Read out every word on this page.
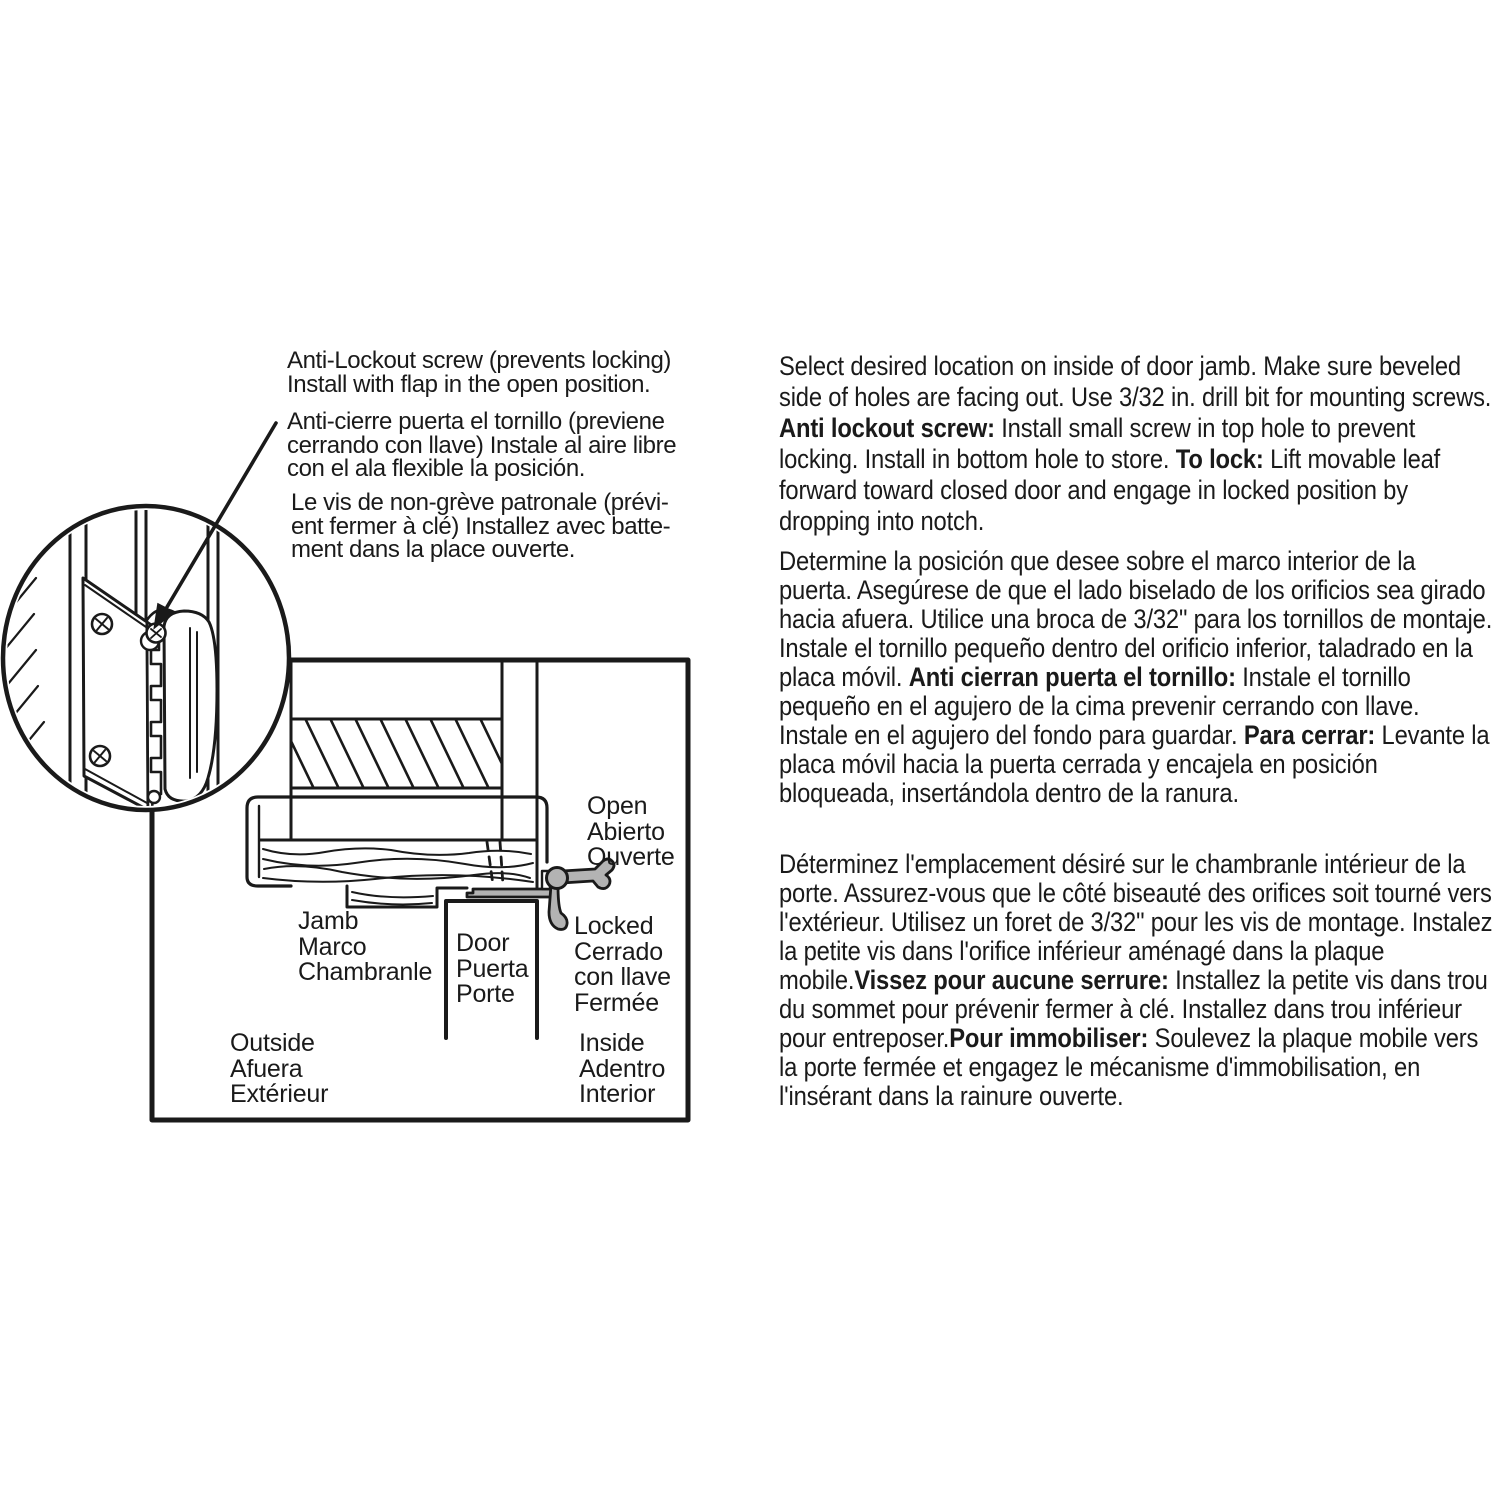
Anti-Lockout screw (prevents locking)
Install with flap in the open position.
Anti-cierre puerta el tornillo (previene
cerrando con llave) Instale al aire libre
con el ala flexible la posición.
Le vis de non-grève patronale (prévi-
ent fermer à clé) Installez avec batte-
ment dans la place ouverte.
Open
Abierto
Ouverte
Locked
Cerrado
con llave
Fermée
Jamb
Marco
Chambranle
Door
Puerta
Porte
Outside
Afuera
Extérieur
Inside
Adentro
Interior

Select desired location on inside of door jamb. Make sure beveled side of holes are facing out. Use 3/32 in. drill bit for mounting screws. Anti lockout screw: Install small screw in top hole to prevent locking. Install in bottom hole to store. To lock: Lift movable leaf forward toward closed door and engage in locked position by dropping into notch.

Determine la posición que desee sobre el marco interior de la puerta. Asegúrese de que el lado biselado de los orificios sea girado hacia afuera. Utilice una broca de 3/32" para los tornillos de montaje. Instale el tornillo pequeño dentro del orificio inferior, taladrado en la placa móvil. Anti cierran puerta el tornillo: Instale el tornillo pequeño en el agujero de la cima prevenir cerrando con llave. Instale en el agujero del fondo para guardar. Para cerrar: Levante la placa móvil hacia la puerta cerrada y encajela en posición bloqueada, insertándola dentro de la ranura.

Déterminez l'emplacement désiré sur le chambranle intérieur de la porte. Assurez-vous que le côté biseauté des orifices soit tourné vers l'extérieur. Utilisez un foret de 3/32" pour les vis de montage. Instalez la petite vis dans l'orifice inférieur aménagé dans la plaque mobile.Vissez pour aucune serrure: Installez la petite vis dans trou du sommet pour prévenir fermer à clé. Installez dans trou inférieur pour entreposer.Pour immobiliser: Soulevez la plaque mobile vers la porte fermée et engagez le mécanisme d'immobilisation, en l'insérant dans la rainure ouverte.
